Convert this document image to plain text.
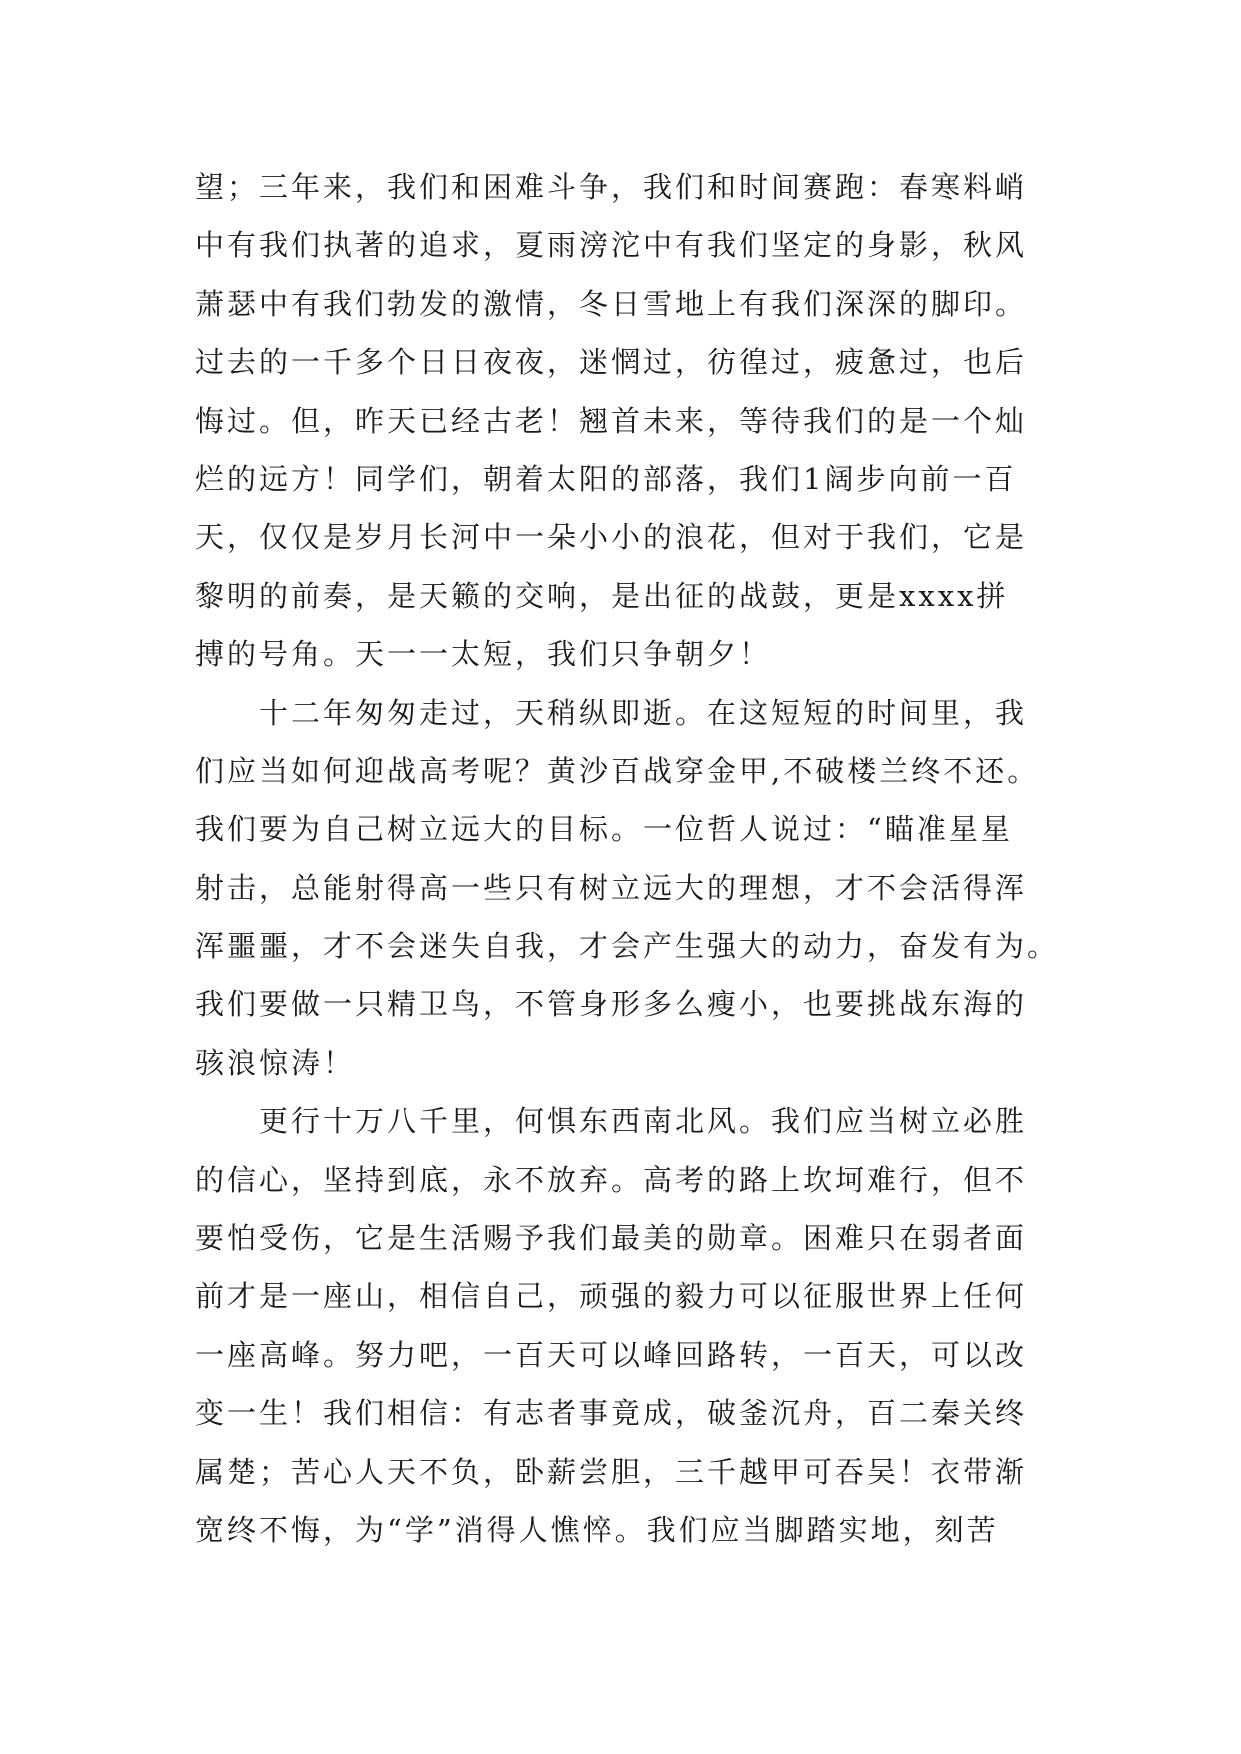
望；三年来，我们和困难斗争，我们和时间赛跑：春寒料峭
中有我们执著的追求，夏雨滂沱中有我们坚定的身影，秋风
萧瑟中有我们勃发的激情，冬日雪地上有我们深深的脚印。
过去的一千多个日日夜夜，迷惘过，彷徨过，疲惫过，也后
悔过。但，昨天已经古老！翘首未来，等待我们的是一个灿
烂的远方！同学们，朝着太阳的部落，我们1阔步向前一百
天，仅仅是岁月长河中一朵小小的浪花，但对于我们，它是
黎明的前奏，是天籁的交响，是出征的战鼓，更是xxxx拼
搏的号角。天一一太短，我们只争朝夕！
十二年匆匆走过，天稍纵即逝。在这短短的时间里，我
们应当如何迎战高考呢？黄沙百战穿金甲,不破楼兰终不还。
我们要为自己树立远大的目标。一位哲人说过：“瞄准星星
射击，总能射得高一些只有树立远大的理想，才不会活得浑
浑噩噩，才不会迷失自我，才会产生强大的动力，奋发有为。
我们要做一只精卫鸟，不管身形多么瘦小，也要挑战东海的
骇浪惊涛！
更行十万八千里，何惧东西南北风。我们应当树立必胜
的信心，坚持到底，永不放弃。高考的路上坎坷难行，但不
要怕受伤，它是生活赐予我们最美的勋章。困难只在弱者面
前才是一座山，相信自己，顽强的毅力可以征服世界上任何
一座高峰。努力吧，一百天可以峰回路转，一百天，可以改
变一生！我们相信：有志者事竟成，破釜沉舟，百二秦关终
属楚；苦心人天不负，卧薪尝胆，三千越甲可吞吴！衣带渐
宽终不悔，为“学”消得人憔悴。我们应当脚踏实地，刻苦
